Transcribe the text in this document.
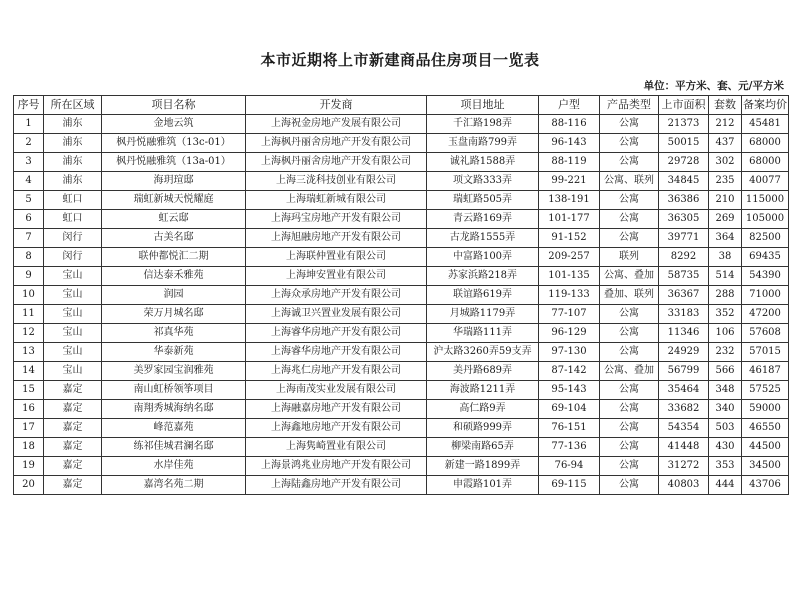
本市近期将上市新建商品住房项目一览表
单位：平方米、套、元/平方米
序号	所在区域	项目名称	开发商	项目地址	户型	产品类型	上市面积	套数	备案均价
1	浦东	金地云筑	上海祝金房地产发展有限公司	千汇路198弄	88-116	公寓	21373	212	45481
2	浦东	枫丹悦融雅筑（13c-01）	上海枫丹丽舍房地产开发有限公司	玉盘南路799弄	96-143	公寓	50015	437	68000
3	浦东	枫丹悦融雅筑（13a-01）	上海枫丹丽舍房地产开发有限公司	诚礼路1588弄	88-119	公寓	29728	302	68000
4	浦东	海玥瑄邸	上海三泷科技创业有限公司	项文路333弄	99-221	公寓、联列	34845	235	40077
5	虹口	瑞虹新城天悦耀庭	上海瑞虹新城有限公司	瑞虹路505弄	138-191	公寓	36386	210	115000
6	虹口	虹云邸	上海玛宝房地产开发有限公司	青云路169弄	101-177	公寓	36305	269	105000
7	闵行	古美名邸	上海旭融房地产开发有限公司	古龙路1555弄	91-152	公寓	39771	364	82500
8	闵行	联仲都悦汇二期	上海联仲置业有限公司	中富路100弄	209-257	联列	8292	38	69435
9	宝山	信达泰禾雅苑	上海坤安置业有限公司	苏家浜路218弄	101-135	公寓、叠加	58735	514	54390
10	宝山	润园	上海众承房地产开发有限公司	联谊路619弄	119-133	叠加、联列	36367	288	71000
11	宝山	荣万月城名邸	上海诚卫兴置业发展有限公司	月城路1179弄	77-107	公寓	33183	352	47200
12	宝山	祁真华苑	上海睿华房地产开发有限公司	华瑞路111弄	96-129	公寓	11346	106	57608
13	宝山	华泰新苑	上海睿华房地产开发有限公司	沪太路3260弄59支弄	97-130	公寓	24929	232	57015
14	宝山	美罗家园宝润雅苑	上海兆仁房地产开发有限公司	美丹路689弄	87-142	公寓、叠加	56799	566	46187
15	嘉定	南山虹桥领筝项目	上海南茂实业发展有限公司	海波路1211弄	95-143	公寓	35464	348	57525
16	嘉定	南翔秀城海纳名邸	上海融嘉房地产开发有限公司	高仁路9弄	69-104	公寓	33682	340	59000
17	嘉定	峰范嘉苑	上海鑫地房地产开发有限公司	和硕路999弄	76-151	公寓	54354	503	46550
18	嘉定	练祁佳城君澜名邸	上海隽崎置业有限公司	柳梁南路65弄	77-136	公寓	41448	430	44500
19	嘉定	水岸佳苑	上海景鸿兆业房地产开发有限公司	新建一路1899弄	76-94	公寓	31272	353	34500
20	嘉定	嘉湾名苑二期	上海陆鑫房地产开发有限公司	申霞路101弄	69-115	公寓	40803	444	43706
